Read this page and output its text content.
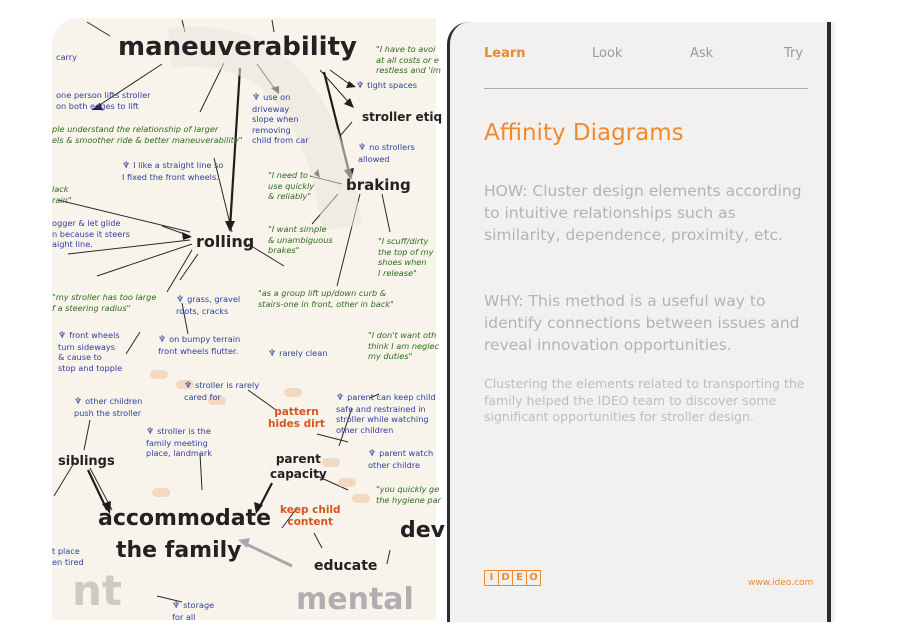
maneuverability
rolling
braking
stroller etiq
siblings	parent
capacity
accommodate
the family
educate
dev
mental
nt
pattern
hides dirt
keep child
content
carry
one person lifts stroller
on both edges to lift
♆ use on
driveway
slope when
removing
child from car
♆ tight spaces
♆ no strollers
allowed
♆ I like a straight line so
I fixed the front wheels.
ogger & let glide
n because it steers
aight line.
♆ grass, gravel
roots, cracks
♆ front wheels
turn sideways
& cause to
stop and topple
♆ on bumpy terrain
front wheels flutter.	♆ rarely clean
♆ stroller is rarely
cared for
♆ other children
push the stroller
♆ stroller is the
family meeting
place, landmark
♆ parent can keep child
safe and restrained in
stroller while watching
other children
♆ parent watch
other childre
t place
en tired
♆ storage
for all
"I have to avoi
at all costs or e
restless and 'im
ple understand the relationship of larger
els & smoother ride & better maneuverability"
lack
rain"
"I need to
use quickly
& reliably"
"I want simple
& unambiguous
brakes"
"I scuff/dirty
the top of my
shoes when
I release"
"my stroller has too large
f a steering radius"
"as a group lift up/down curb &
stairs-one in front, other in back"
"I don't want oth
think I am neglec
my duties"
"you quickly ge
the hygiene par
Learn	Look	Ask	Try
Affinity Diagrams
HOW: Cluster design elements according to intuitive relationships such as similarity, dependence, proximity, etc.
WHY: This method is a useful way to identify connections between issues and reveal innovation opportunities.
Clustering the elements related to transporting the family helped the IDEO team to discover some significant opportunities for stroller design.
I D E O	www.ideo.com
